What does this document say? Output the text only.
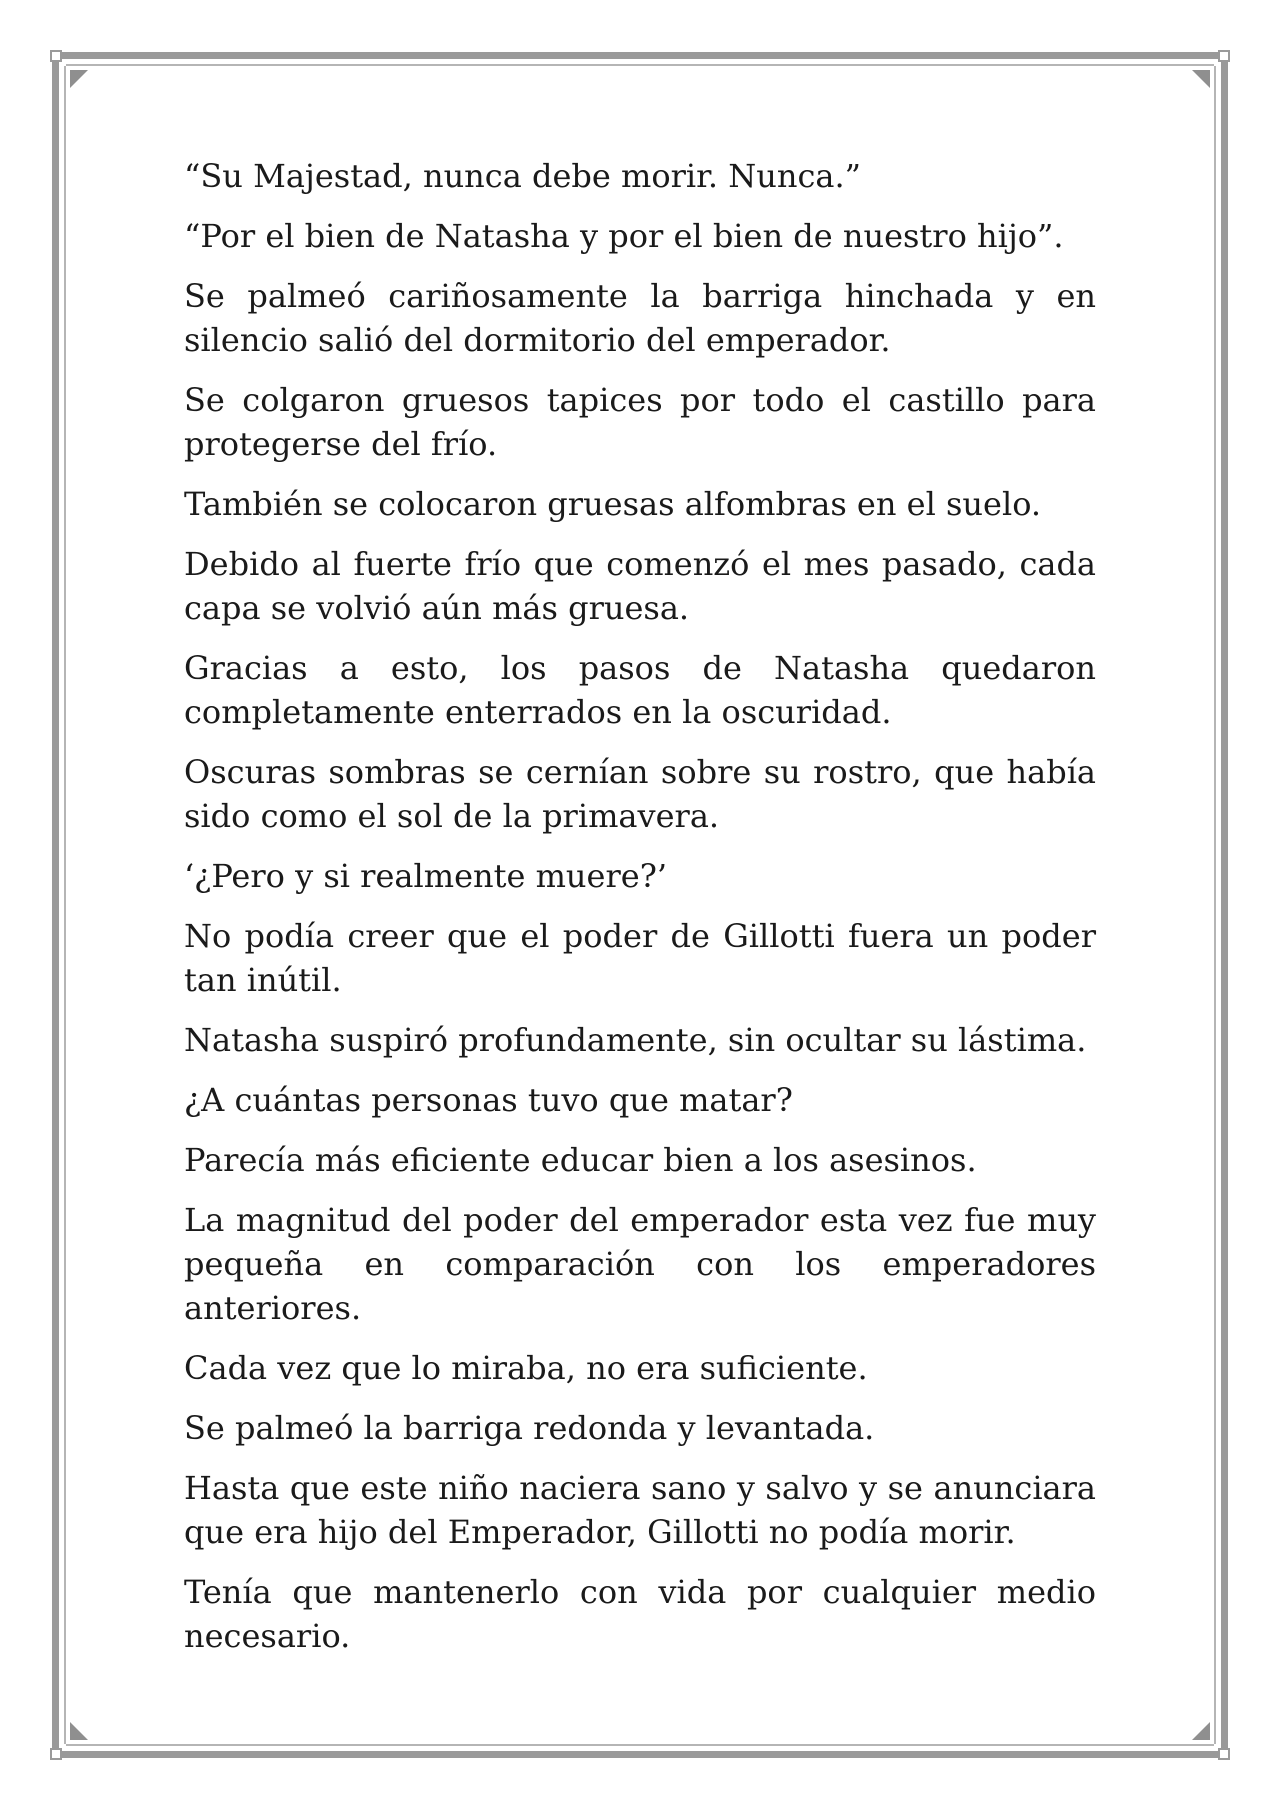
“Su Majestad, nunca debe morir. Nunca.”

“Por el bien de Natasha y por el bien de nuestro hijo”.

Se palmeó cariñosamente la barriga hinchada y en silencio salió del dormitorio del emperador.

Se colgaron gruesos tapices por todo el castillo para protegerse del frío.

También se colocaron gruesas alfombras en el suelo.

Debido al fuerte frío que comenzó el mes pasado, cada capa se volvió aún más gruesa.

Gracias a esto, los pasos de Natasha quedaron completamente enterrados en la oscuridad.

Oscuras sombras se cernían sobre su rostro, que había sido como el sol de la primavera.

‘¿Pero y si realmente muere?’

No podía creer que el poder de Gillotti fuera un poder tan inútil.

Natasha suspiró profundamente, sin ocultar su lástima.

¿A cuántas personas tuvo que matar?

Parecía más eficiente educar bien a los asesinos.

La magnitud del poder del emperador esta vez fue muy pequeña en comparación con los emperadores anteriores.

Cada vez que lo miraba, no era suficiente.

Se palmeó la barriga redonda y levantada.

Hasta que este niño naciera sano y salvo y se anunciara que era hijo del Emperador, Gillotti no podía morir.

Tenía que mantenerlo con vida por cualquier medio necesario.
